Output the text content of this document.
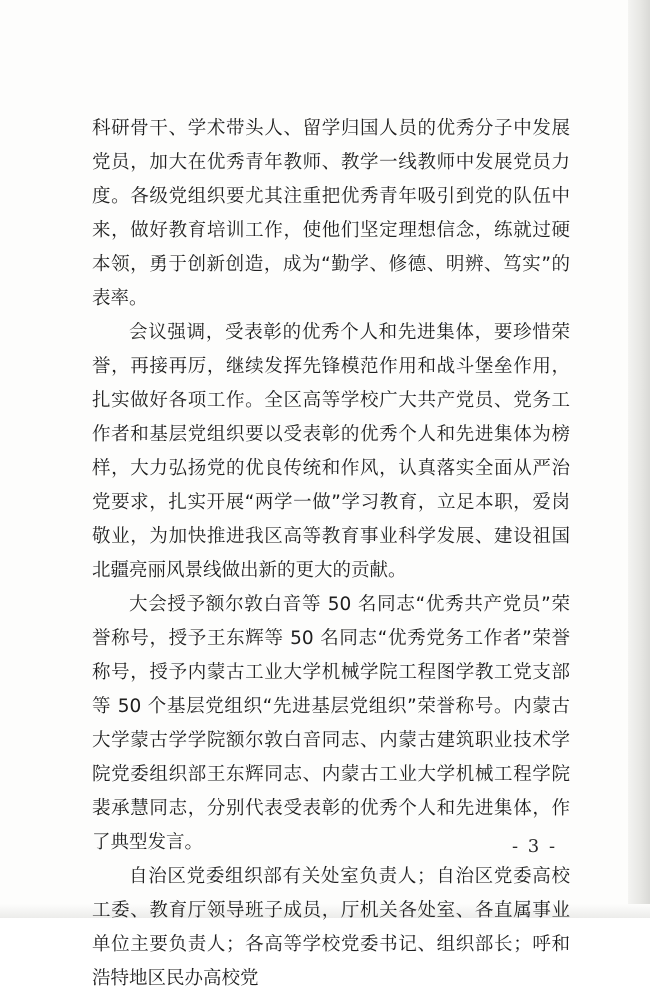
科研骨干、学术带头人、留学归国人员的优秀分子中发展党员，加大在优秀青年教师、教学一线教师中发展党员力度。各级党组织要尤其注重把优秀青年吸引到党的队伍中来，做好教育培训工作，使他们坚定理想信念，练就过硬本领，勇于创新创造，成为“勤学、修德、明辨、笃实”的表率。

会议强调，受表彰的优秀个人和先进集体，要珍惜荣誉，再接再厉，继续发挥先锋模范作用和战斗堡垒作用，扎实做好各项工作。全区高等学校广大共产党员、党务工作者和基层党组织要以受表彰的优秀个人和先进集体为榜样，大力弘扬党的优良传统和作风，认真落实全面从严治党要求，扎实开展“两学一做”学习教育，立足本职，爱岗敬业，为加快推进我区高等教育事业科学发展、建设祖国北疆亮丽风景线做出新的更大的贡献。

大会授予额尔敦白音等 50 名同志“优秀共产党员”荣誉称号，授予王东辉等 50 名同志“优秀党务工作者”荣誉称号，授予内蒙古工业大学机械学院工程图学教工党支部等 50 个基层党组织“先进基层党组织”荣誉称号。内蒙古大学蒙古学学院额尔敦白音同志、内蒙古建筑职业技术学院党委组织部王东辉同志、内蒙古工业大学机械工程学院裴承慧同志，分别代表受表彰的优秀个人和先进集体，作了典型发言。

自治区党委组织部有关处室负责人；自治区党委高校工委、教育厅领导班子成员，厅机关各处室、各直属事业单位主要负责人；各高等学校党委书记、组织部长；呼和浩特地区民办高校党

- 3 -
